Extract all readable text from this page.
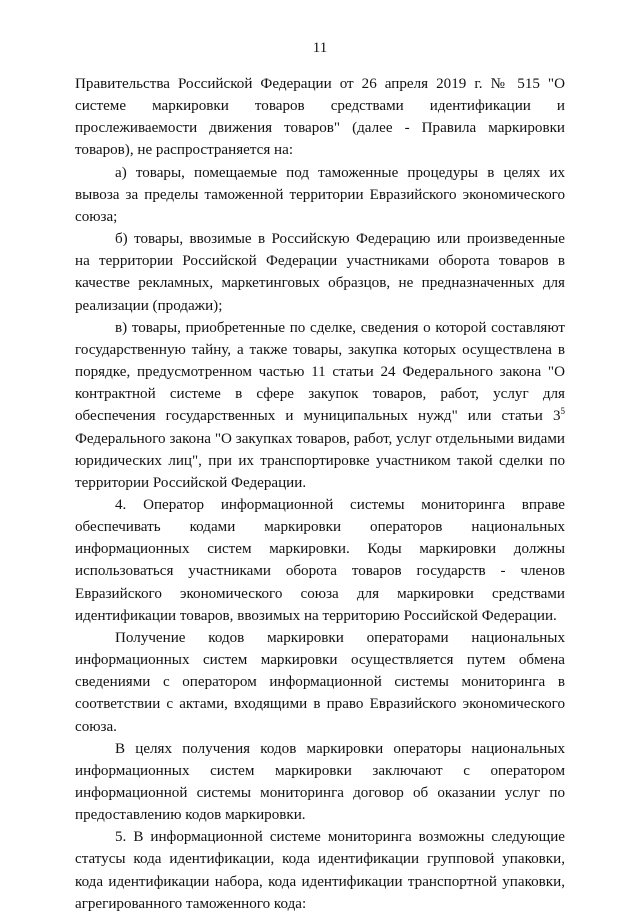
11

Правительства Российской Федерации от 26 апреля 2019 г. № 515 "О системе маркировки товаров средствами идентификации и прослеживаемости движения товаров" (далее - Правила маркировки товаров), не распространяется на:

а) товары, помещаемые под таможенные процедуры в целях их вывоза за пределы таможенной территории Евразийского экономического союза;

б) товары, ввозимые в Российскую Федерацию или произведенные на территории Российской Федерации участниками оборота товаров в качестве рекламных, маркетинговых образцов, не предназначенных для реализации (продажи);

в) товары, приобретенные по сделке, сведения о которой составляют государственную тайну, а также товары, закупка которых осуществлена в порядке, предусмотренном частью 11 статьи 24 Федерального закона "О контрактной системе в сфере закупок товаров, работ, услуг для обеспечения государственных и муниципальных нужд" или статьи $3^5$ Федерального закона "О закупках товаров, работ, услуг отдельными видами юридических лиц", при их транспортировке участником такой сделки по территории Российской Федерации.

4. Оператор информационной системы мониторинга вправе обеспечивать кодами маркировки операторов национальных информационных систем маркировки. Коды маркировки должны использоваться участниками оборота товаров государств - членов Евразийского экономического союза для маркировки средствами идентификации товаров, ввозимых на территорию Российской Федерации.

Получение кодов маркировки операторами национальных информационных систем маркировки осуществляется путем обмена сведениями с оператором информационной системы мониторинга в соответствии с актами, входящими в право Евразийского экономического союза.

В целях получения кодов маркировки операторы национальных информационных систем маркировки заключают с оператором информационной системы мониторинга договор об оказании услуг по предоставлению кодов маркировки.

5. В информационной системе мониторинга возможны следующие статусы кода идентификации, кода идентификации групповой упаковки, кода идентификации набора, кода идентификации транспортной упаковки, агрегированного таможенного кода:
